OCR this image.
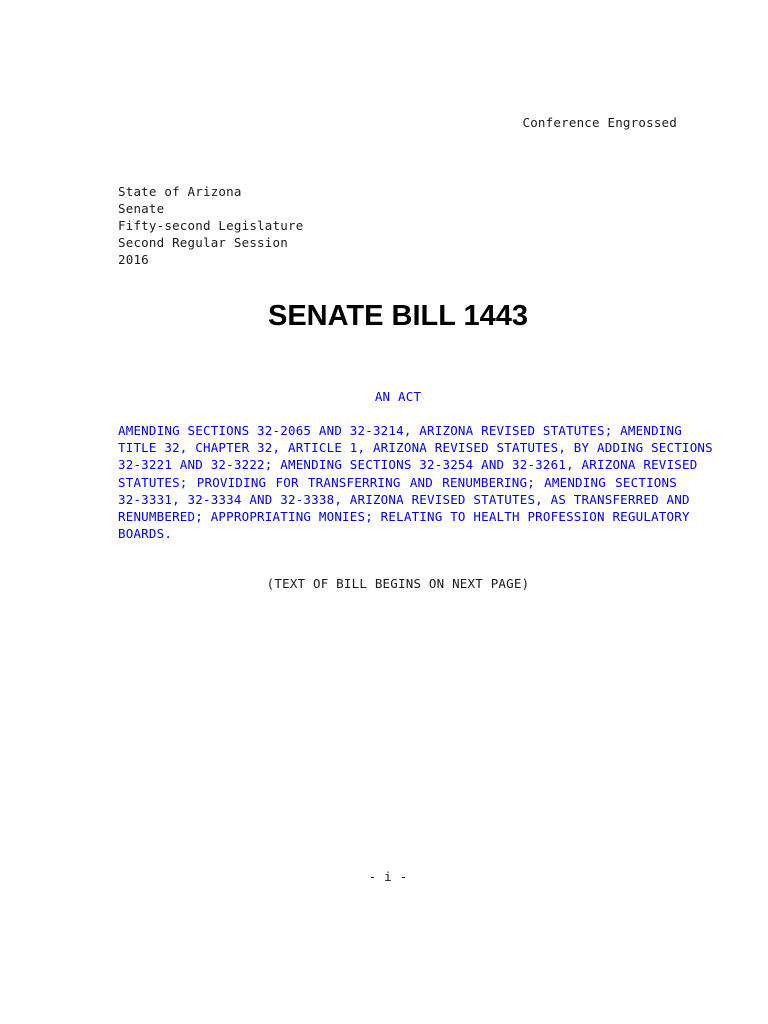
Conference Engrossed
State of Arizona
Senate
Fifty-second Legislature
Second Regular Session
2016
SENATE BILL 1443
AN ACT
AMENDING SECTIONS 32-2065 AND 32-3214, ARIZONA REVISED STATUTES; AMENDING
TITLE 32, CHAPTER 32, ARTICLE 1, ARIZONA REVISED STATUTES, BY ADDING SECTIONS
32-3221 AND 32-3222; AMENDING SECTIONS 32-3254 AND 32-3261, ARIZONA REVISED
STATUTES; PROVIDING FOR TRANSFERRING AND RENUMBERING; AMENDING SECTIONS
32-3331, 32-3334 AND 32-3338, ARIZONA REVISED STATUTES, AS TRANSFERRED AND
RENUMBERED; APPROPRIATING MONIES; RELATING TO HEALTH PROFESSION REGULATORY
BOARDS.
(TEXT OF BILL BEGINS ON NEXT PAGE)
- i -
